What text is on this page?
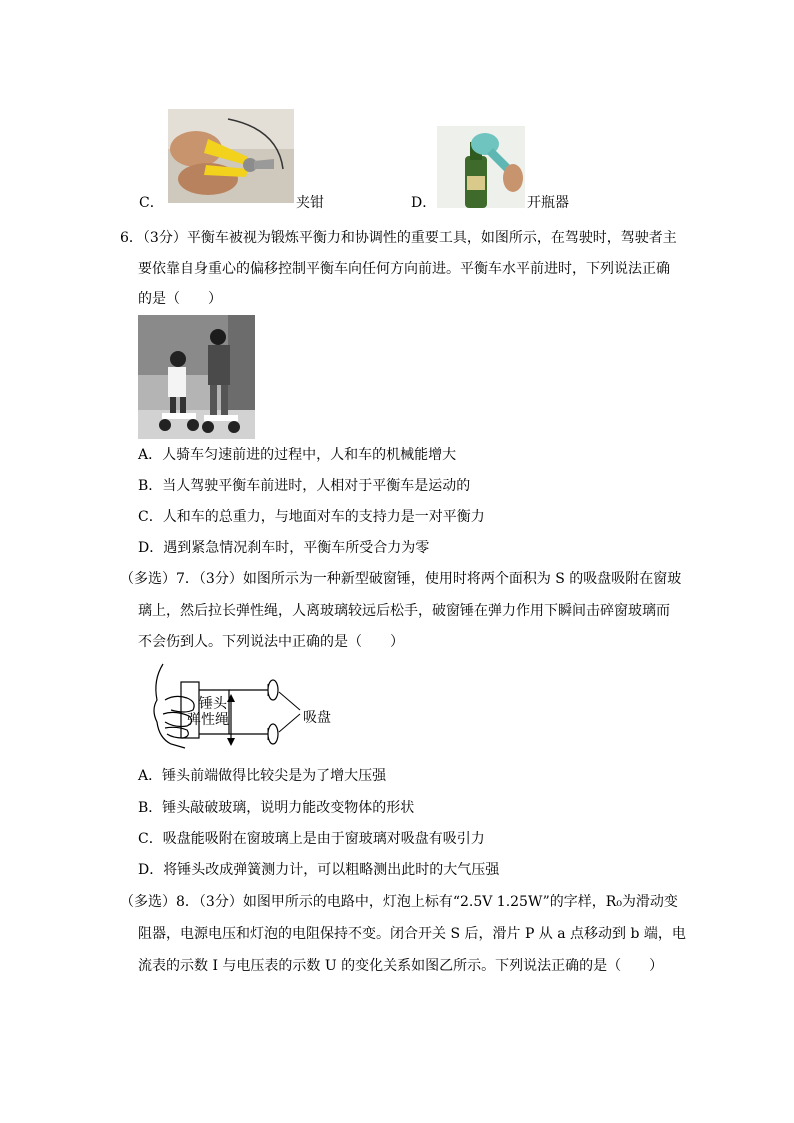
C．	夹钳	D．	开瓶器
6．（3分）平衡车被视为锻炼平衡力和协调性的重要工具，如图所示，在驾驶时，驾驶者主
要依靠自身重心的偏移控制平衡车向任何方向前进。平衡车水平前进时，下列说法正确
的是（　　）
A．人骑车匀速前进的过程中，人和车的机械能增大
B．当人驾驶平衡车前进时，人相对于平衡车是运动的
C．人和车的总重力，与地面对车的支持力是一对平衡力
D．遇到紧急情况刹车时，平衡车所受合力为零
（多选）7．（3分）如图所示为一种新型破窗锤，使用时将两个面积为 S 的吸盘吸附在窗玻
璃上，然后拉长弹性绳，人离玻璃较远后松手，破窗锤在弹力作用下瞬间击碎窗玻璃而
不会伤到人。下列说法中正确的是（　　）
锤头
弹性绳	吸盘
A．锤头前端做得比较尖是为了增大压强
B．锤头敲破玻璃，说明力能改变物体的形状
C．吸盘能吸附在窗玻璃上是由于窗玻璃对吸盘有吸引力
D．将锤头改成弹簧测力计，可以粗略测出此时的大气压强
（多选）8．（3分）如图甲所示的电路中，灯泡上标有“2.5V 1.25W”的字样，R₀为滑动变
阻器，电源电压和灯泡的电阻保持不变。闭合开关 S 后，滑片 P 从 a 点移动到 b 端，电
流表的示数 I 与电压表的示数 U 的变化关系如图乙所示。下列说法正确的是（　　）
